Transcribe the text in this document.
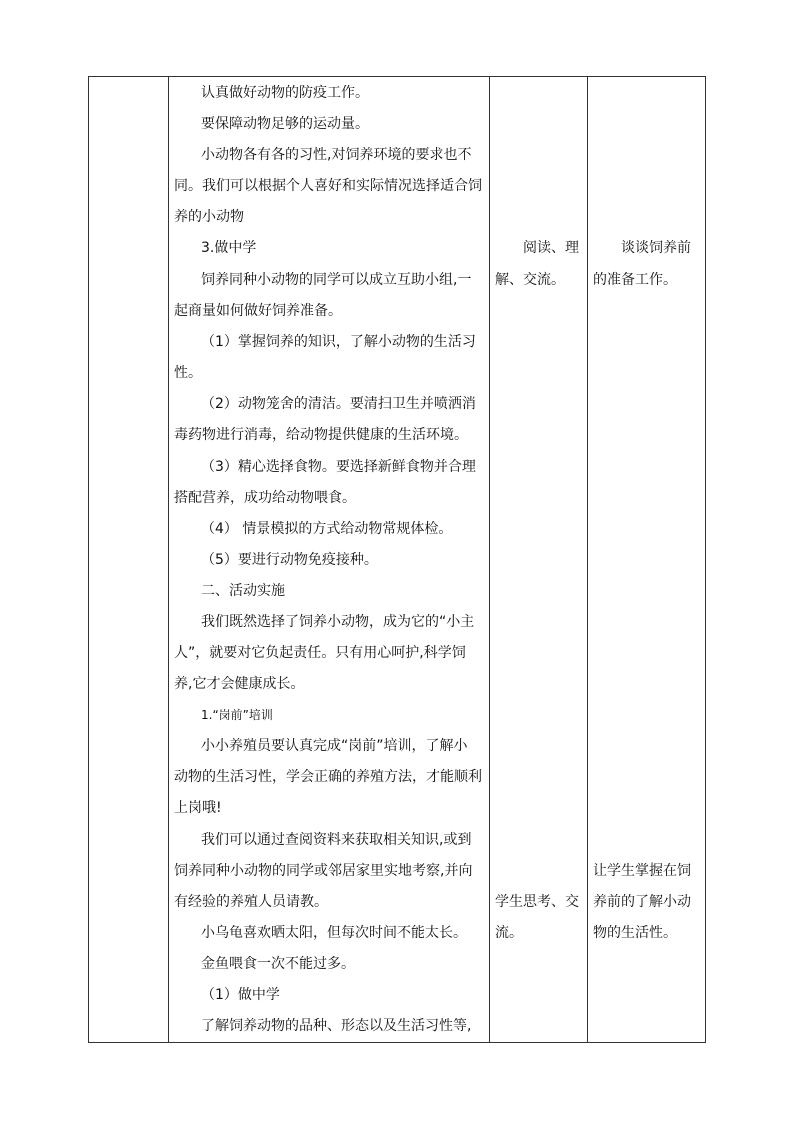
认真做好动物的防疫工作。
要保障动物足够的运动量。
小动物各有各的习性,对饲养环境的要求也不
同。我们可以根据个人喜好和实际情况选择适合饲
养的小动物
3.做中学
饲养同种小动物的同学可以成立互助小组,一
起商量如何做好饲养准备。
（1）掌握饲养的知识，了解小动物的生活习
性。
（2）动物笼舍的清洁。要清扫卫生并喷洒消
毒药物进行消毒，给动物提供健康的生活环境。
（3）精心选择食物。要选择新鲜食物并合理
搭配营养，成功给动物喂食。
（4） 情景模拟的方式给动物常规体检。
（5）要进行动物免疫接种。
二、活动实施
我们既然选择了饲养小动物，成为它的“小主
人”，就要对它负起责任。只有用心呵护,科学饲
养,它才会健康成长。
1.“岗前”培训
小小养殖员要认真完成“岗前”培训，了解小
动物的生活习性，学会正确的养殖方法，才能顺利
上岗哦!
我们可以通过查阅资料来获取相关知识,或到
饲养同种小动物的同学或邻居家里实地考察,并向
有经验的养殖人员请教。
小乌龟喜欢晒太阳，但每次时间不能太长。
金鱼喂食一次不能过多。
（1）做中学
了解饲养动物的品种、形态以及生活习性等,
阅读、理
解、交流。
学生思考、交
流。
谈谈饲养前
的准备工作。
让学生掌握在饲
养前的了解小动
物的生活性。
